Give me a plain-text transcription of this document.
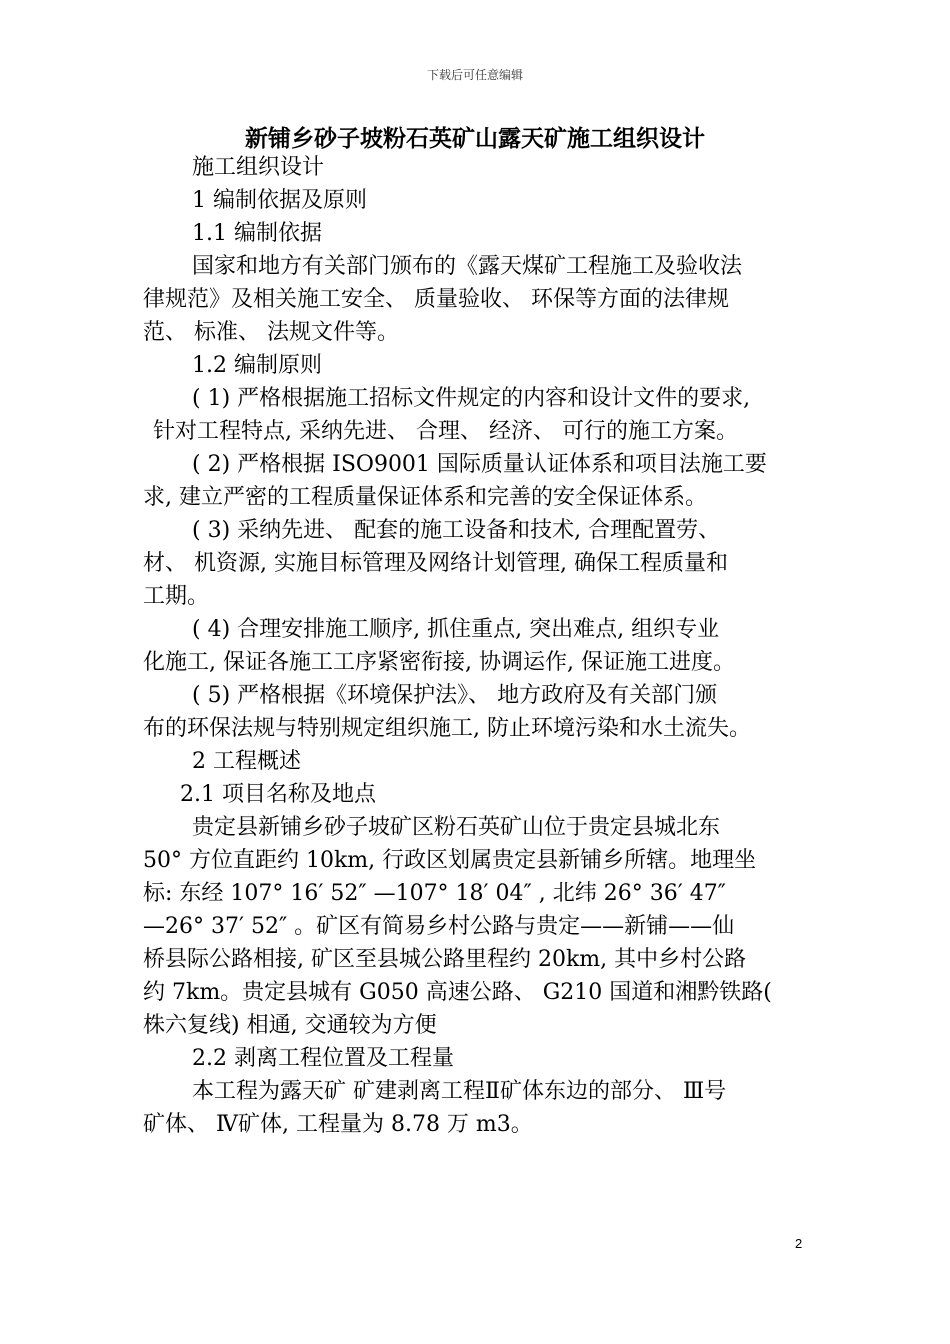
下载后可任意编辑
新铺乡砂子坡粉石英矿山露天矿施工组织设计
施工组织设计
1 编制依据及原则
1.1 编制依据
国家和地方有关部门颁布的《露天煤矿工程施工及验收法
律规范》及相关施工安全、 质量验收、 环保等方面的法律规
范、 标准、 法规文件等。
1.2 编制原则
( 1) 严格根据施工招标文件规定的内容和设计文件的要求,
针对工程特点, 采纳先进、 合理、 经济、 可行的施工方案。
( 2) 严格根据 ISO9001 国际质量认证体系和项目法施工要
求, 建立严密的工程质量保证体系和完善的安全保证体系。
( 3) 采纳先进、 配套的施工设备和技术, 合理配置劳、
材、 机资源, 实施目标管理及网络计划管理, 确保工程质量和
工期。
( 4) 合理安排施工顺序, 抓住重点, 突出难点, 组织专业
化施工, 保证各施工工序紧密衔接, 协调运作, 保证施工进度。
( 5) 严格根据《环境保护法》、 地方政府及有关部门颁
布的环保法规与特别规定组织施工, 防止环境污染和水土流失。
2 工程概述
2.1 项目名称及地点
贵定县新铺乡砂子坡矿区粉石英矿山位于贵定县城北东
50° 方位直距约 10km, 行政区划属贵定县新铺乡所辖。地理坐
标: 东经 107° 16′ 52″ —107° 18′ 04″ , 北纬 26° 36′ 47″
—26° 37′ 52″ 。矿区有简易乡村公路与贵定——新铺——仙
桥县际公路相接, 矿区至县城公路里程约 20km, 其中乡村公路
约 7km。贵定县城有 G050 高速公路、 G210 国道和湘黔铁路(
株六复线) 相通, 交通较为方便
2.2 剥离工程位置及工程量
本工程为露天矿 矿建剥离工程Ⅱ矿体东边的部分、 Ⅲ号
矿体、 Ⅳ矿体, 工程量为 8.78 万 m3。
2
